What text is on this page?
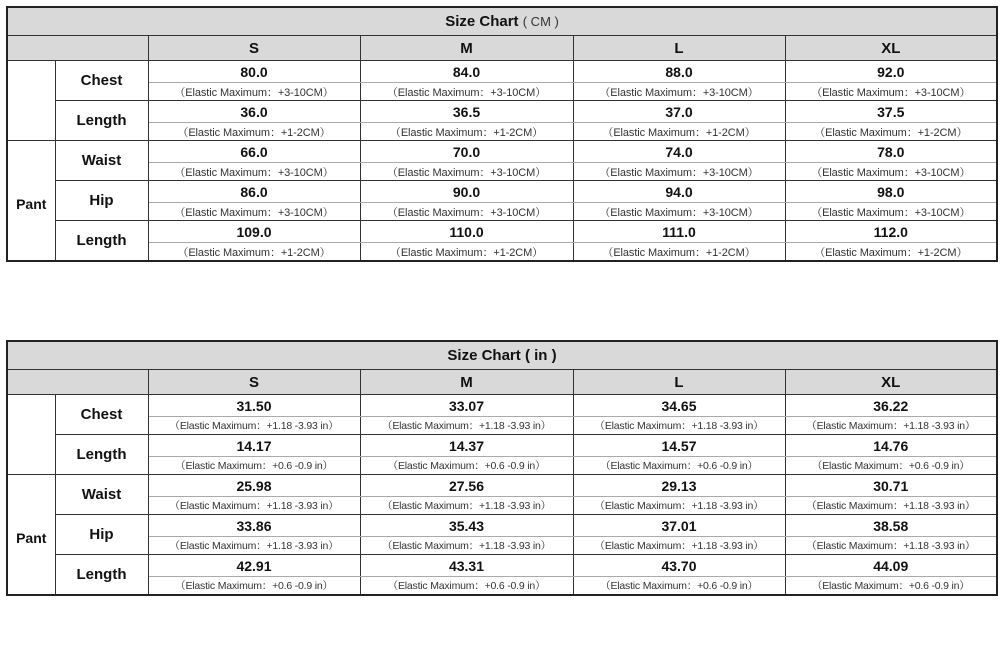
Size Chart ( CM )					
		S	M	L	XL
	Chest	80.0	84.0	88.0	92.0
		（Elastic Maximum：+3-10CM）	（Elastic Maximum：+3-10CM）	（Elastic Maximum：+3-10CM）	（Elastic Maximum：+3-10CM）
	Length	36.0	36.5	37.0	37.5
		（Elastic Maximum：+1-2CM）	（Elastic Maximum：+1-2CM）	（Elastic Maximum：+1-2CM）	（Elastic Maximum：+1-2CM）
Pant	Waist	66.0	70.0	74.0	78.0
		（Elastic Maximum：+3-10CM）	（Elastic Maximum：+3-10CM）	（Elastic Maximum：+3-10CM）	（Elastic Maximum：+3-10CM）
	Hip	86.0	90.0	94.0	98.0
		（Elastic Maximum：+3-10CM）	（Elastic Maximum：+3-10CM）	（Elastic Maximum：+3-10CM）	（Elastic Maximum：+3-10CM）
	Length	109.0	110.0	111.0	112.0
		（Elastic Maximum：+1-2CM）	（Elastic Maximum：+1-2CM）	（Elastic Maximum：+1-2CM）	（Elastic Maximum：+1-2CM）
Size Chart ( in )					
		S	M	L	XL
	Chest	31.50	33.07	34.65	36.22
		（Elastic Maximum：+1.18 -3.93 in）	（Elastic Maximum：+1.18 -3.93 in）	（Elastic Maximum：+1.18 -3.93 in）	（Elastic Maximum：+1.18 -3.93 in）
	Length	14.17	14.37	14.57	14.76
		（Elastic Maximum：+0.6 -0.9 in）	（Elastic Maximum：+0.6 -0.9 in）	（Elastic Maximum：+0.6 -0.9 in）	（Elastic Maximum：+0.6 -0.9 in）
Pant	Waist	25.98	27.56	29.13	30.71
		（Elastic Maximum：+1.18 -3.93 in）	（Elastic Maximum：+1.18 -3.93 in）	（Elastic Maximum：+1.18 -3.93 in）	（Elastic Maximum：+1.18 -3.93 in）
	Hip	33.86	35.43	37.01	38.58
		（Elastic Maximum：+1.18 -3.93 in）	（Elastic Maximum：+1.18 -3.93 in）	（Elastic Maximum：+1.18 -3.93 in）	（Elastic Maximum：+1.18 -3.93 in）
	Length	42.91	43.31	43.70	44.09
		（Elastic Maximum：+0.6 -0.9 in）	（Elastic Maximum：+0.6 -0.9 in）	（Elastic Maximum：+0.6 -0.9 in）	（Elastic Maximum：+0.6 -0.9 in）
